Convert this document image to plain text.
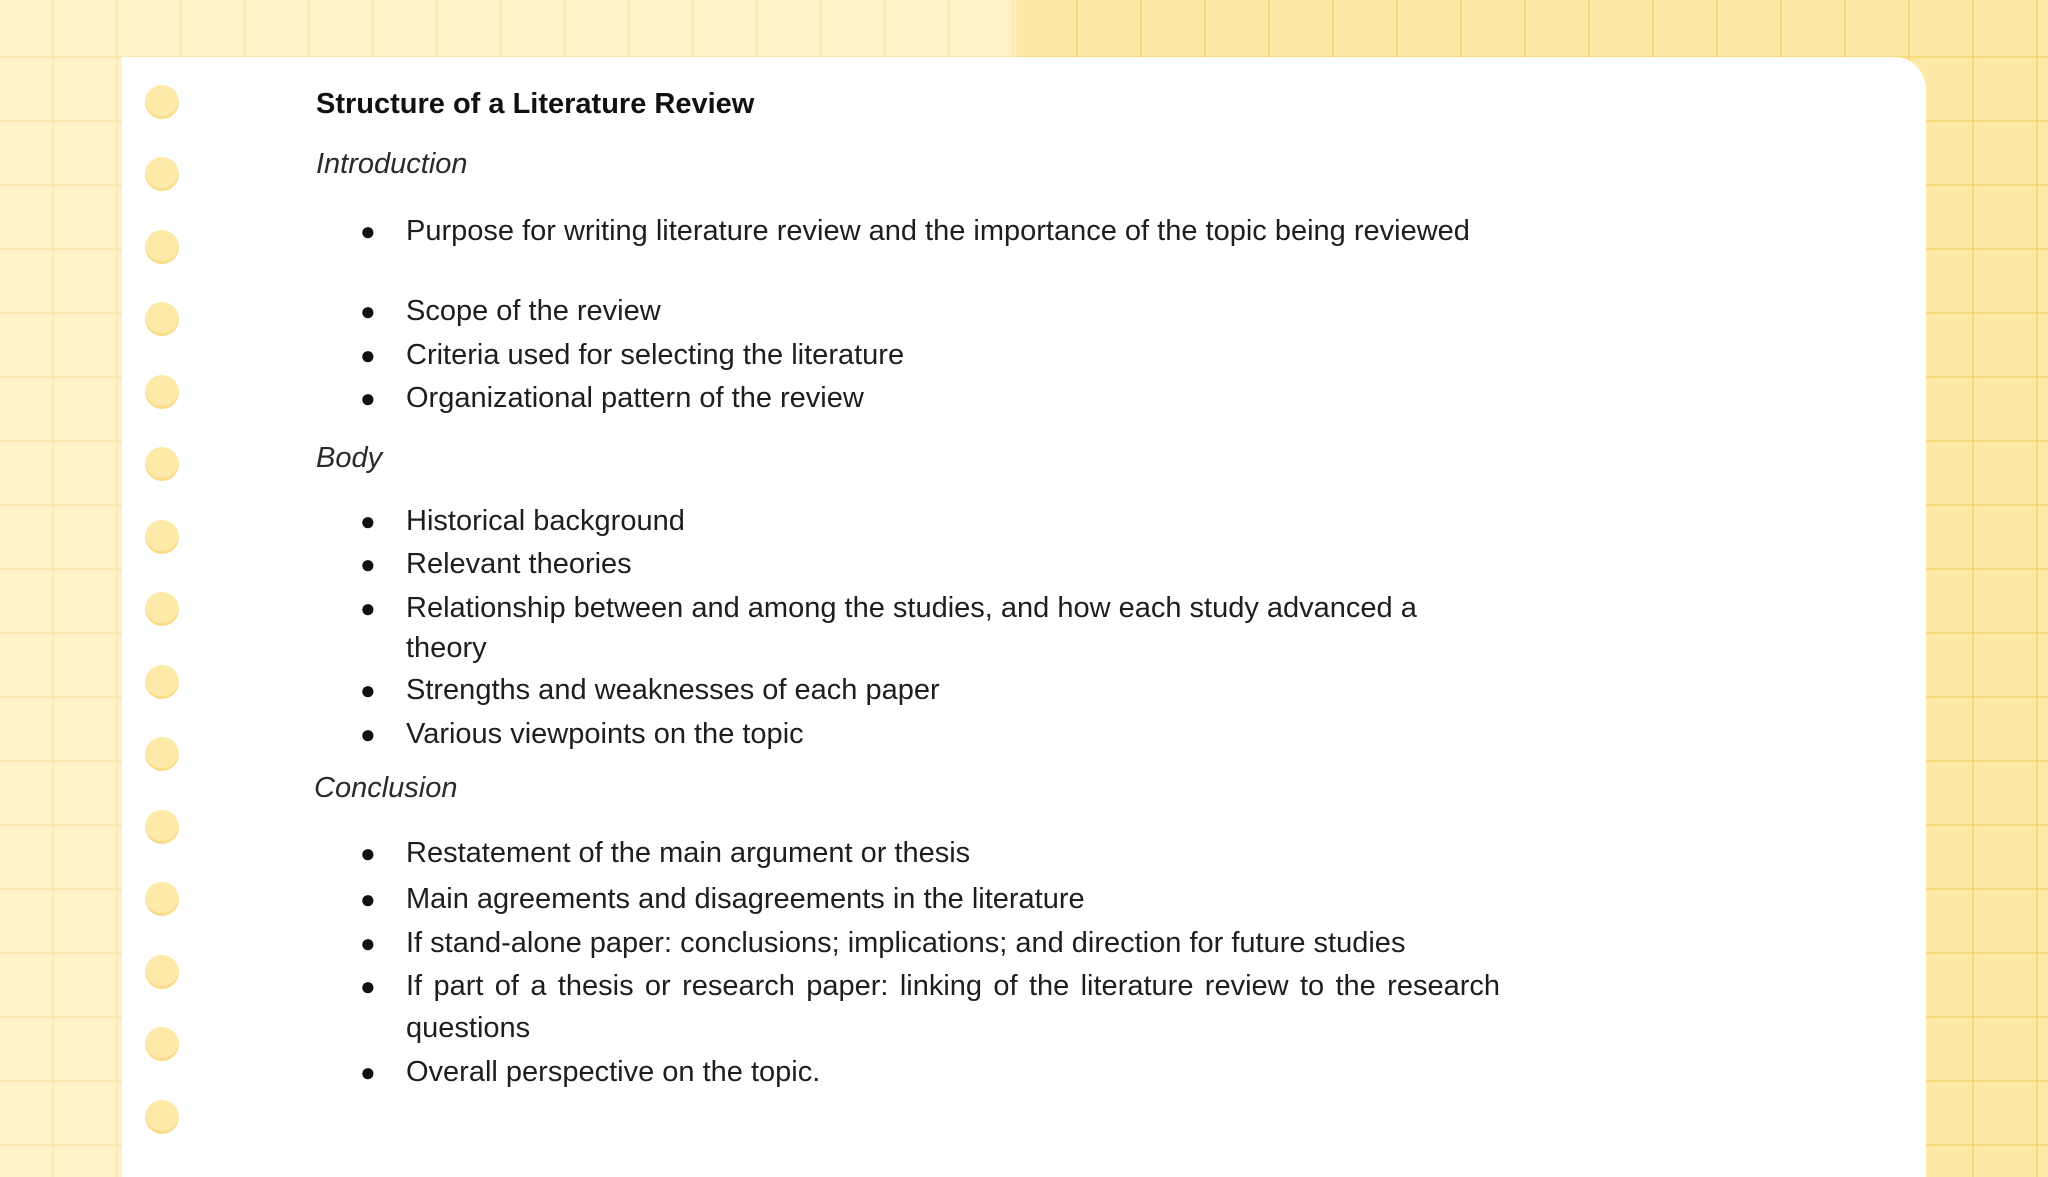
Structure of a Literature Review
Introduction
● Purpose for writing literature review and the importance of the topic being reviewed
● Scope of the review
● Criteria used for selecting the literature
● Organizational pattern of the review
Body
● Historical background
● Relevant theories
● Relationship between and among the studies, and how each study advanced a theory
● Strengths and weaknesses of each paper
● Various viewpoints on the topic
Conclusion
● Restatement of the main argument or thesis
● Main agreements and disagreements in the literature
● If stand-alone paper: conclusions; implications; and direction for future studies
● If part of a thesis or research paper: linking of the literature review to the research questions
● Overall perspective on the topic.
